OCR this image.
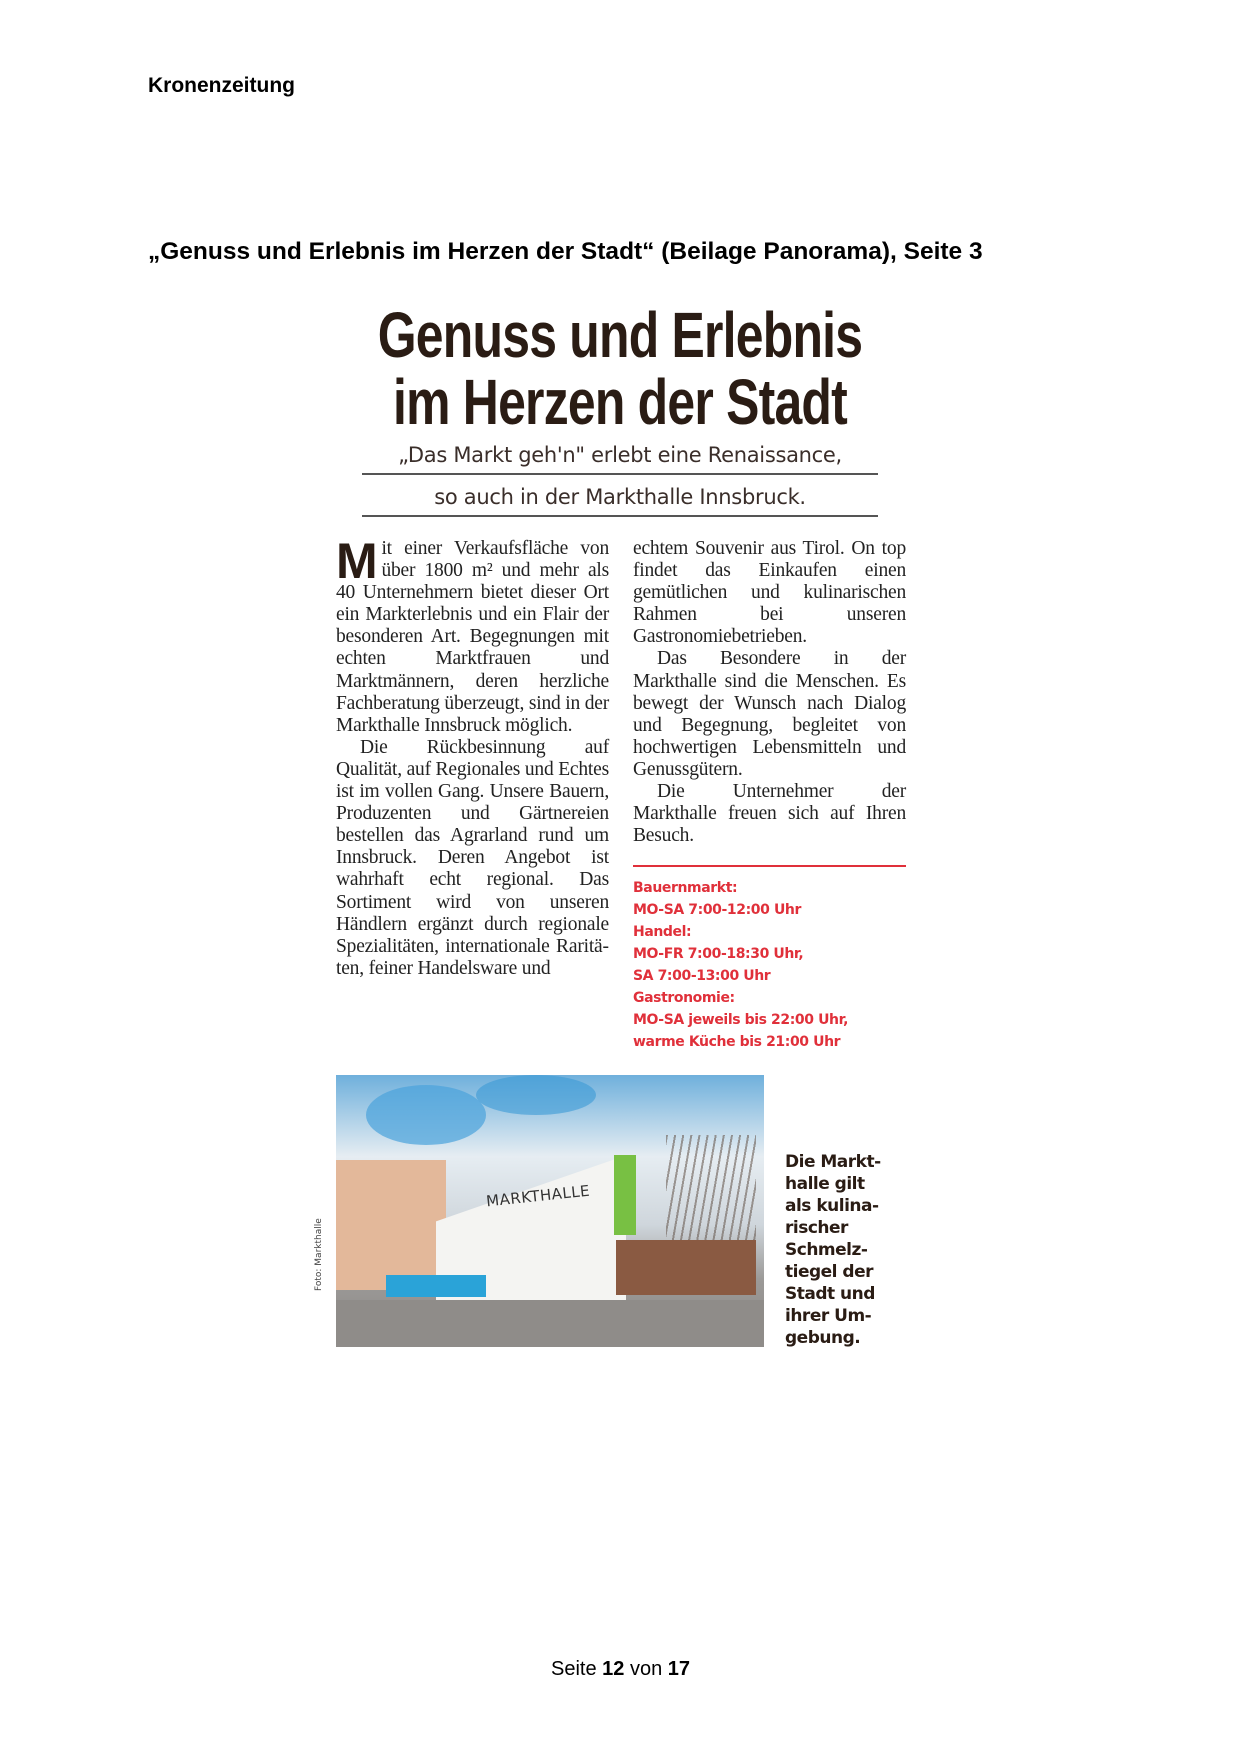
Kronenzeitung
„Genuss und Erlebnis im Herzen der Stadt“ (Beilage Panorama), Seite 3
Genuss und Erlebnis
im Herzen der Stadt
„Das Markt geh'n" erlebt eine Renaissance,
so auch in der Markthalle Innsbruck.

Mit einer Verkaufsfläche von über 1800 m² und mehr als 40 Unternehmern bietet dieser Ort ein Markterlebnis und ein Flair der besonderen Art. Begegnungen mit echten Marktfrauen und Marktmännern, deren herzliche Fachberatung überzeugt, sind in der Markthalle Innsbruck möglich.

Die Rückbesinnung auf Qualität, auf Regionales und Echtes ist im vollen Gang. Unsere Bauern, Produzenten und Gärtnereien bestellen das Agrarland rund um Innsbruck. Deren Angebot ist wahrhaft echt regional. Das Sortiment wird von unseren Händlern ergänzt durch regionale Spezialitäten, internationale Raritäten, feiner Handelsware und

echtem Souvenir aus Tirol. On top findet das Einkaufen einen gemütlichen und kulinarischen Rahmen bei unseren Gastronomiebetrieben.

Das Besondere in der Markthalle sind die Menschen. Es bewegt der Wunsch nach Dialog und Begegnung, begleitet von hochwertigen Lebensmitteln und Genussgütern.

Die Unternehmer der Markthalle freuen sich auf Ihren Besuch.

Bauernmarkt:
MO-SA 7:00-12:00 Uhr
Handel:
MO-FR 7:00-18:30 Uhr,
SA 7:00-13:00 Uhr
Gastronomie:
MO-SA jeweils bis 22:00 Uhr,
warme Küche bis 21:00 Uhr
MARKTHALLE
Foto: Markthalle
Die Markt-
halle gilt
als kulina-
rischer
Schmelz-
tiegel der
Stadt und
ihrer Um-
gebung.
Seite 12 von 17
